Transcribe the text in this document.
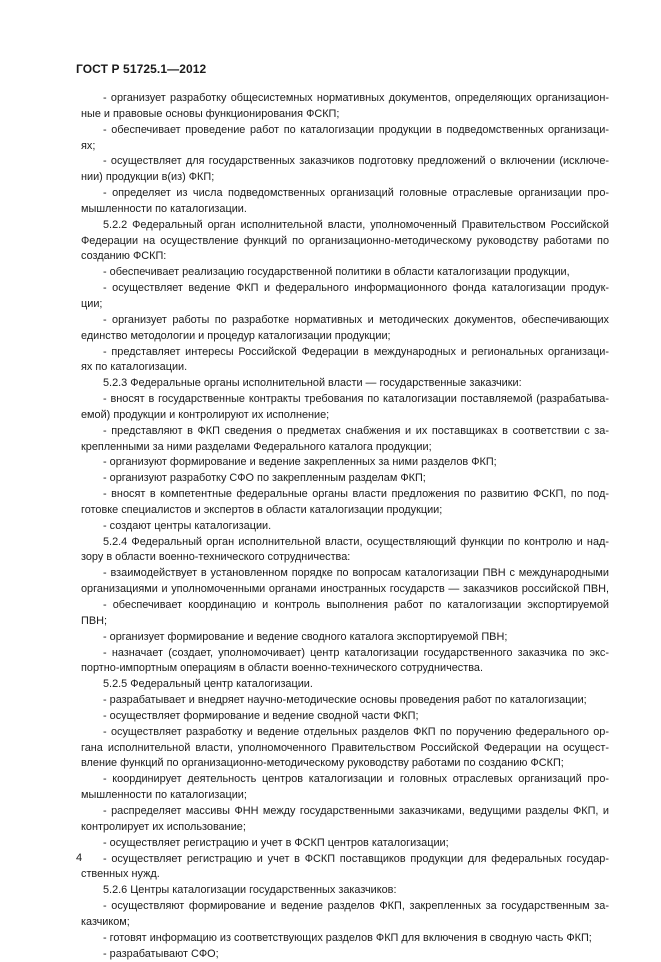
ГОСТ Р 51725.1—2012
- организует разработку общесистемных нормативных документов, определяющих организацион-
ные и правовые основы функционирования ФСКП;
- обеспечивает проведение работ по каталогизации продукции в подведомственных организаци-
ях;
- осуществляет для государственных заказчиков подготовку предложений о включении (исключе-
нии) продукции в(из) ФКП;
- определяет из числа подведомственных организаций головные отраслевые организации про-
мышленности по каталогизации.
5.2.2 Федеральный орган исполнительной власти, уполномоченный Правительством Российской
Федерации на осуществление функций по организационно-методическому руководству работами по
созданию ФСКП:
- обеспечивает реализацию государственной политики в области каталогизации продукции,
- осуществляет ведение ФКП и федерального информационного фонда каталогизации продук-
ции;
- организует работы по разработке нормативных и методических документов, обеспечивающих
единство методологии и процедур каталогизации продукции;
- представляет интересы Российской Федерации в международных и региональных организаци-
ях по каталогизации.
5.2.3 Федеральные органы исполнительной власти — государственные заказчики:
- вносят в государственные контракты требования по каталогизации поставляемой (разрабатыва-
емой) продукции и контролируют их исполнение;
- представляют в ФКП сведения о предметах снабжения и их поставщиках в соответствии с за-
крепленными за ними разделами Федерального каталога продукции;
- организуют формирование и ведение закрепленных за ними разделов ФКП;
- организуют разработку СФО по закрепленным разделам ФКП;
- вносят в компетентные федеральные органы власти предложения по развитию ФСКП, по под-
готовке специалистов и экспертов в области каталогизации продукции;
- создают центры каталогизации.
5.2.4 Федеральный орган исполнительной власти, осуществляющий функции по контролю и над-
зору в области военно-технического сотрудничества:
- взаимодействует в установленном порядке по вопросам каталогизации ПВН с международными
организациями и уполномоченными органами иностранных государств — заказчиков российской ПВН,
- обеспечивает координацию и контроль выполнения работ по каталогизации экспортируемой
ПВН;
- организует формирование и ведение сводного каталога экспортируемой ПВН;
- назначает (создает, уполномочивает) центр каталогизации государственного заказчика по экс-
портно-импортным операциям в области военно-технического сотрудничества.
5.2.5 Федеральный центр каталогизации.
- разрабатывает и внедряет научно-методические основы проведения работ по каталогизации;
- осуществляет формирование и ведение сводной части ФКП;
- осуществляет разработку и ведение отдельных разделов ФКП по поручению федерального ор-
гана исполнительной власти, уполномоченного Правительством Российской Федерации на осущест-
вление функций по организационно-методическому руководству работами по созданию ФСКП;
- координирует деятельность центров каталогизации и головных отраслевых организаций про-
мышленности по каталогизации;
- распределяет массивы ФНН между государственными заказчиками, ведущими разделы ФКП, и
контролирует их использование;
- осуществляет регистрацию и учет в ФСКП центров каталогизации;
- осуществляет регистрацию и учет в ФСКП поставщиков продукции для федеральных государ-
ственных нужд.
5.2.6 Центры каталогизации государственных заказчиков:
- осуществляют формирование и ведение разделов ФКП, закрепленных за государственным за-
казчиком;
- готовят информацию из соответствующих разделов ФКП для включения в сводную часть ФКП;
- разрабатывают СФО;
4
